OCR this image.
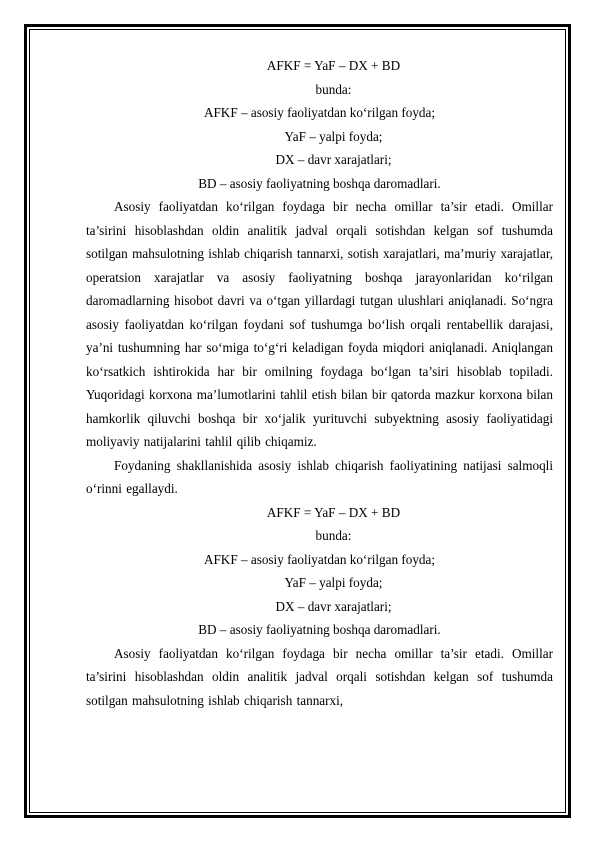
AFKF = YaF – DX + BD

bunda:

AFKF – asosiy faoliyatdan ko‘rilgan foyda;

YaF – yalpi foyda;

DX – davr xarajatlari;

BD – asosiy faoliyatning boshqa daromadlari.

Asosiy faoliyatdan ko‘rilgan foydaga bir necha omillar ta’sir etadi. Omillar ta’sirini hisoblashdan oldin analitik jadval orqali sotishdan kelgan sof tushumda sotilgan mahsulotning ishlab chiqarish tannarxi, sotish xarajatlari, ma’muriy xarajatlar, operatsion xarajatlar va asosiy faoliyatning boshqa jarayonlaridan ko‘rilgan daromadlarning hisobot davri va o‘tgan yillardagi tutgan ulushlari aniqlanadi. So‘ngra asosiy faoliyatdan ko‘rilgan foydani sof tushumga bo‘lish orqali rentabellik darajasi, ya’ni tushumning har so‘miga to‘g‘ri keladigan foyda miqdori aniqlanadi. Aniqlangan ko‘rsatkich ishtirokida har bir omilning foydaga bo‘lgan ta’siri hisoblab topiladi. Yuqoridagi korxona ma’lumotlarini tahlil etish bilan bir qatorda mazkur korxona bilan hamkorlik qiluvchi boshqa bir xo‘jalik yurituvchi subyektning asosiy faoliyatidagi moliyaviy natijalarini tahlil qilib chiqamiz.

Foydaning shakllanishida asosiy ishlab chiqarish faoliyatining natijasi salmoqli o‘rinni egallaydi.

AFKF = YaF – DX + BD

bunda:

AFKF – asosiy faoliyatdan ko‘rilgan foyda;

YaF – yalpi foyda;

DX – davr xarajatlari;

BD – asosiy faoliyatning boshqa daromadlari.

Asosiy faoliyatdan ko‘rilgan foydaga bir necha omillar ta’sir etadi. Omillar ta’sirini hisoblashdan oldin analitik jadval orqali sotishdan kelgan sof tushumda sotilgan mahsulotning ishlab chiqarish tannarxi,
